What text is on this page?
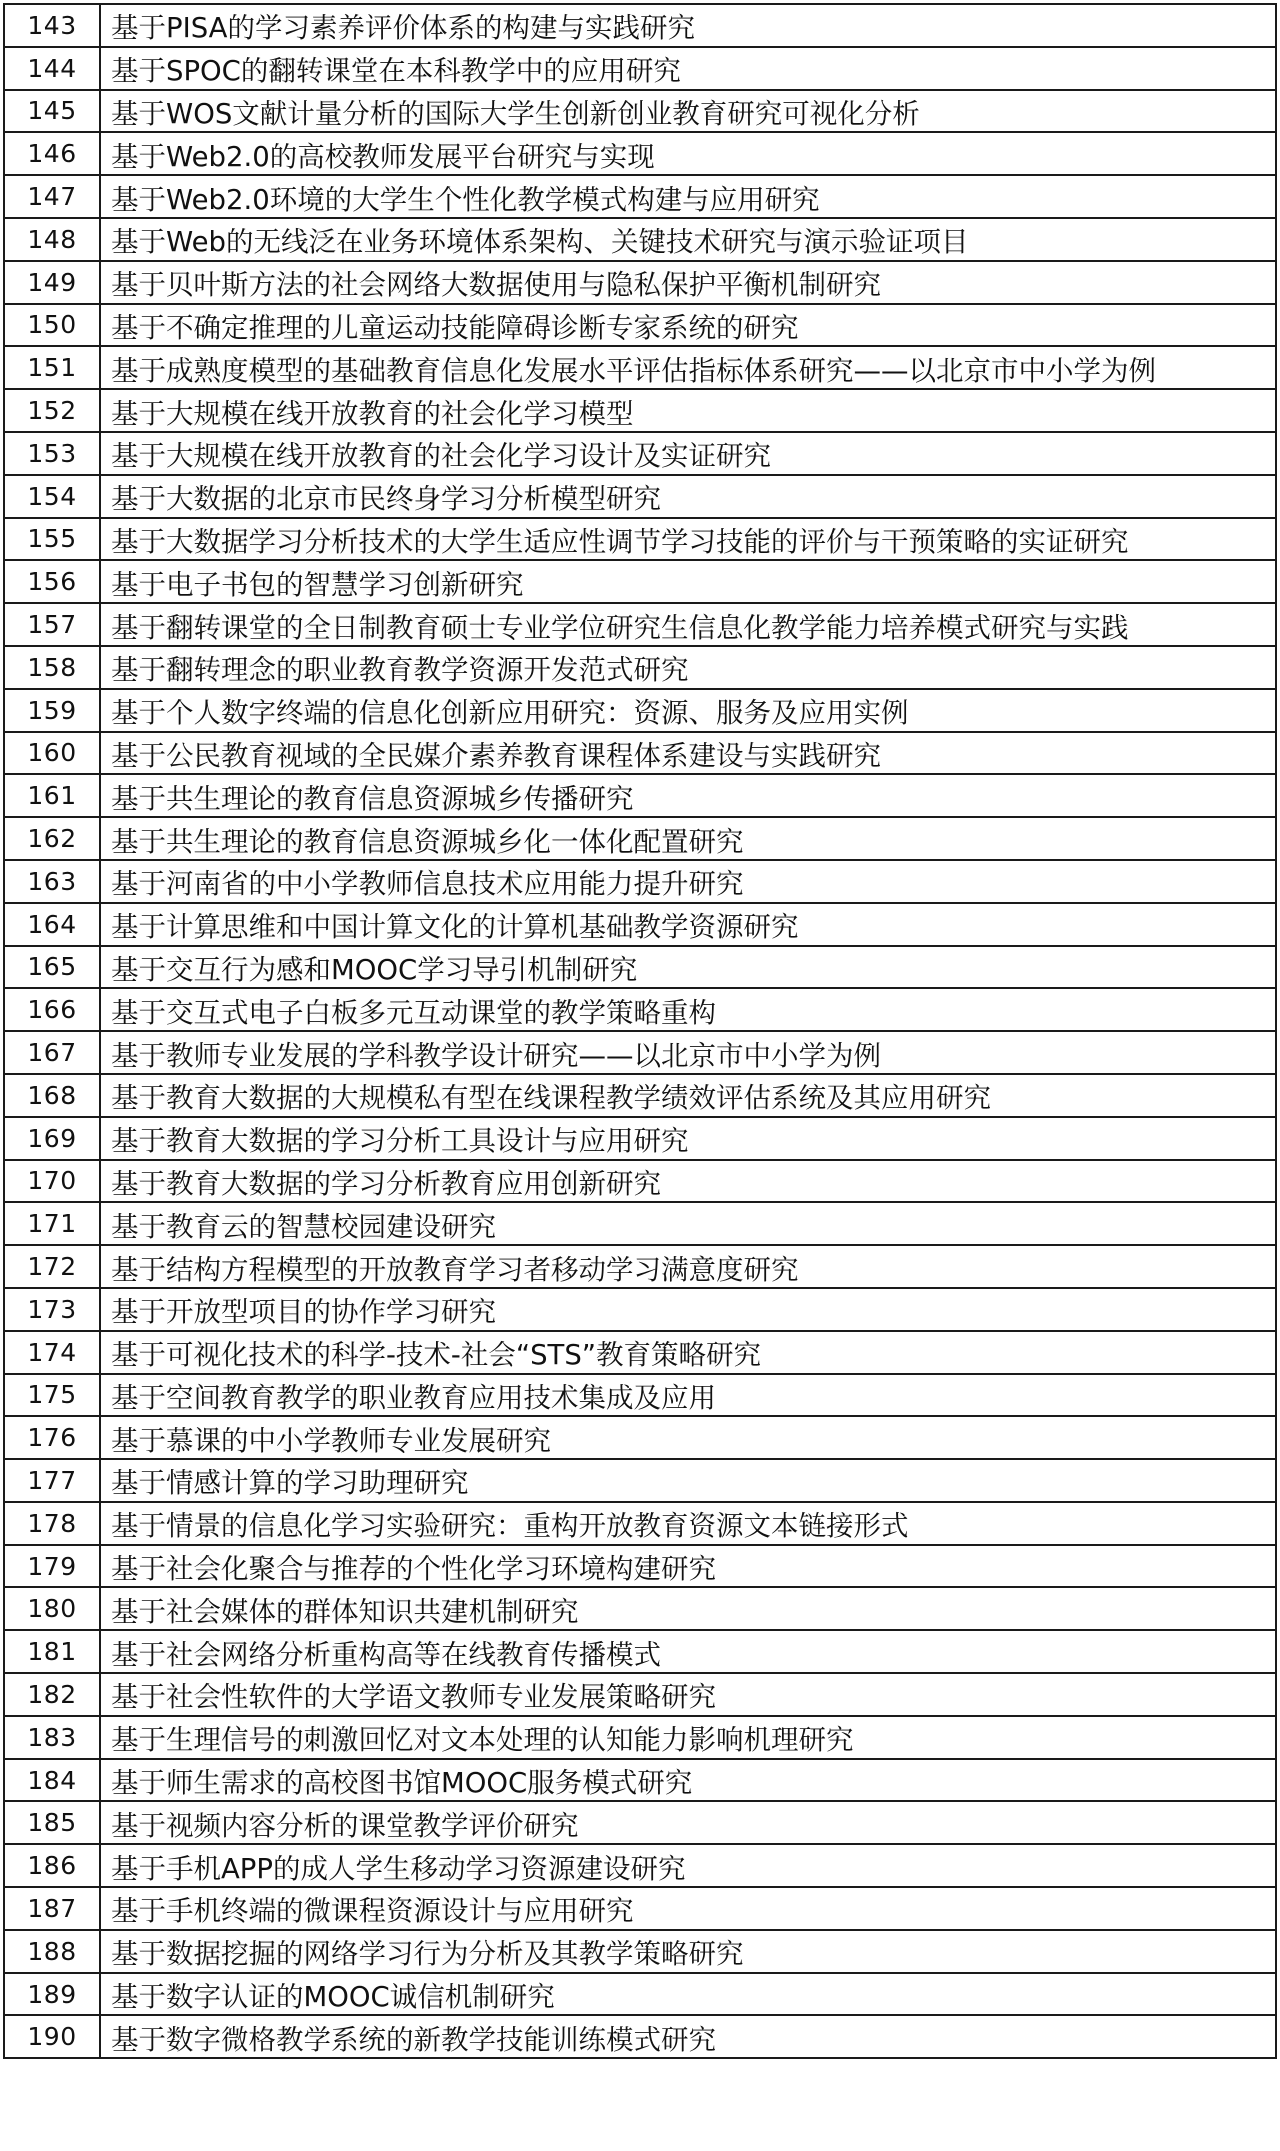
143	基于PISA的学习素养评价体系的构建与实践研究
144	基于SPOC的翻转课堂在本科教学中的应用研究
145	基于WOS文献计量分析的国际大学生创新创业教育研究可视化分析
146	基于Web2.0的高校教师发展平台研究与实现
147	基于Web2.0环境的大学生个性化教学模式构建与应用研究
148	基于Web的无线泛在业务环境体系架构、关键技术研究与演示验证项目
149	基于贝叶斯方法的社会网络大数据使用与隐私保护平衡机制研究
150	基于不确定推理的儿童运动技能障碍诊断专家系统的研究
151	基于成熟度模型的基础教育信息化发展水平评估指标体系研究——以北京市中小学为例
152	基于大规模在线开放教育的社会化学习模型
153	基于大规模在线开放教育的社会化学习设计及实证研究
154	基于大数据的北京市民终身学习分析模型研究
155	基于大数据学习分析技术的大学生适应性调节学习技能的评价与干预策略的实证研究
156	基于电子书包的智慧学习创新研究
157	基于翻转课堂的全日制教育硕士专业学位研究生信息化教学能力培养模式研究与实践
158	基于翻转理念的职业教育教学资源开发范式研究
159	基于个人数字终端的信息化创新应用研究：资源、服务及应用实例
160	基于公民教育视域的全民媒介素养教育课程体系建设与实践研究
161	基于共生理论的教育信息资源城乡传播研究
162	基于共生理论的教育信息资源城乡化一体化配置研究
163	基于河南省的中小学教师信息技术应用能力提升研究
164	基于计算思维和中国计算文化的计算机基础教学资源研究
165	基于交互行为感和MOOC学习导引机制研究
166	基于交互式电子白板多元互动课堂的教学策略重构
167	基于教师专业发展的学科教学设计研究——以北京市中小学为例
168	基于教育大数据的大规模私有型在线课程教学绩效评估系统及其应用研究
169	基于教育大数据的学习分析工具设计与应用研究
170	基于教育大数据的学习分析教育应用创新研究
171	基于教育云的智慧校园建设研究
172	基于结构方程模型的开放教育学习者移动学习满意度研究
173	基于开放型项目的协作学习研究
174	基于可视化技术的科学-技术-社会“STS”教育策略研究
175	基于空间教育教学的职业教育应用技术集成及应用
176	基于慕课的中小学教师专业发展研究
177	基于情感计算的学习助理研究
178	基于情景的信息化学习实验研究：重构开放教育资源文本链接形式
179	基于社会化聚合与推荐的个性化学习环境构建研究
180	基于社会媒体的群体知识共建机制研究
181	基于社会网络分析重构高等在线教育传播模式
182	基于社会性软件的大学语文教师专业发展策略研究
183	基于生理信号的刺激回忆对文本处理的认知能力影响机理研究
184	基于师生需求的高校图书馆MOOC服务模式研究
185	基于视频内容分析的课堂教学评价研究
186	基于手机APP的成人学生移动学习资源建设研究
187	基于手机终端的微课程资源设计与应用研究
188	基于数据挖掘的网络学习行为分析及其教学策略研究
189	基于数字认证的MOOC诚信机制研究
190	基于数字微格教学系统的新教学技能训练模式研究
